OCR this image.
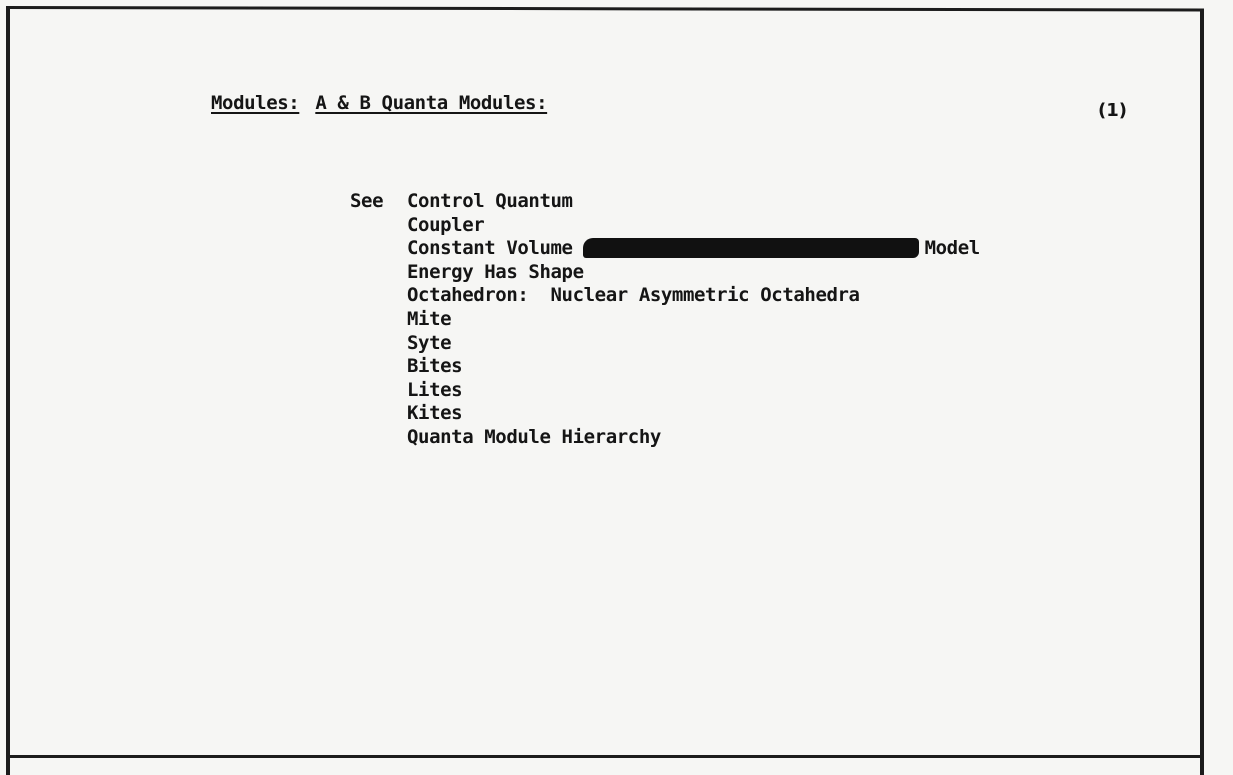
Modules: A & B Quanta Modules:	(1)
See Control Quantum
Coupler
Constant Volume	Model
Energy Has Shape
Octahedron:  Nuclear Asymmetric Octahedra
Mite
Syte
Bites
Lites
Kites
Quanta Module Hierarchy
